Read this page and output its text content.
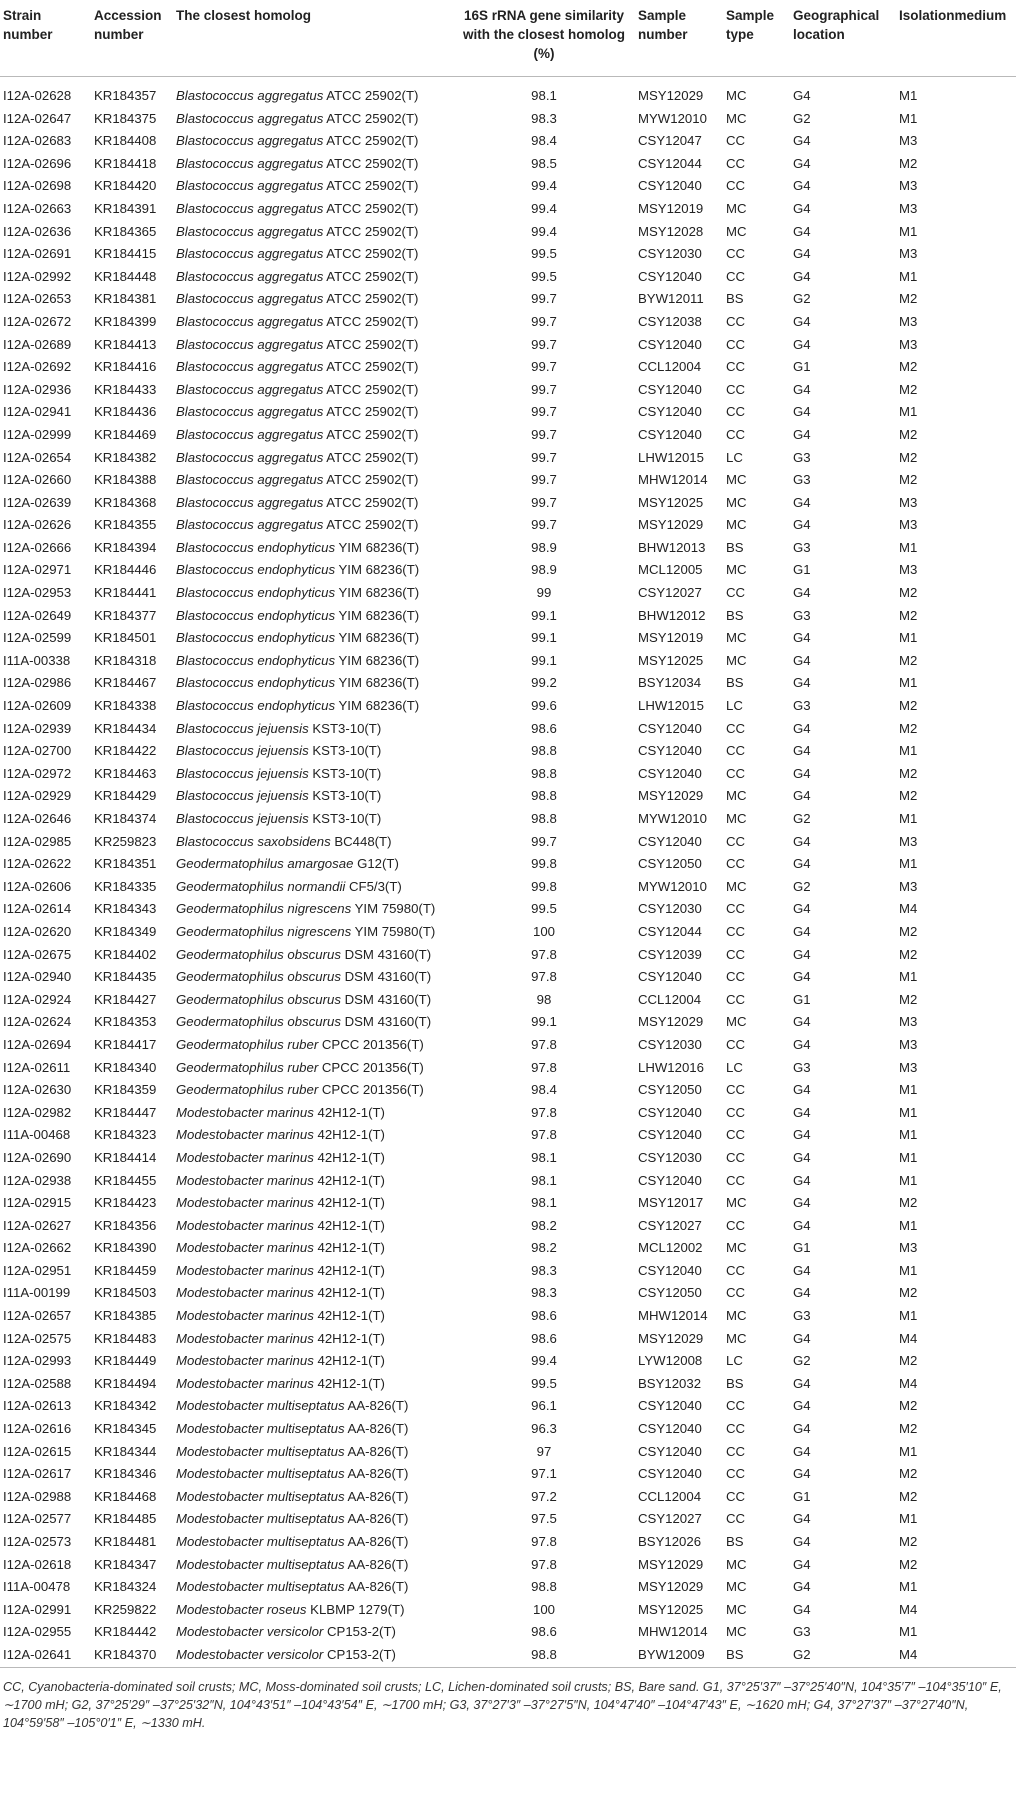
Strain number	Accession number	The closest homolog	16S rRNA gene similarity with the closest homolog (%)	Sample number	Sample type	Geographical location	Isolationmedium

I12A-02628	KR184357	Blastococcus aggregatus ATCC 25902(T)	98.1	MSY12029	MC	G4	M1
I12A-02647	KR184375	Blastococcus aggregatus ATCC 25902(T)	98.3	MYW12010	MC	G2	M1
I12A-02683	KR184408	Blastococcus aggregatus ATCC 25902(T)	98.4	CSY12047	CC	G4	M3
I12A-02696	KR184418	Blastococcus aggregatus ATCC 25902(T)	98.5	CSY12044	CC	G4	M2
I12A-02698	KR184420	Blastococcus aggregatus ATCC 25902(T)	99.4	CSY12040	CC	G4	M3
I12A-02663	KR184391	Blastococcus aggregatus ATCC 25902(T)	99.4	MSY12019	MC	G4	M3
I12A-02636	KR184365	Blastococcus aggregatus ATCC 25902(T)	99.4	MSY12028	MC	G4	M1
I12A-02691	KR184415	Blastococcus aggregatus ATCC 25902(T)	99.5	CSY12030	CC	G4	M3
I12A-02992	KR184448	Blastococcus aggregatus ATCC 25902(T)	99.5	CSY12040	CC	G4	M1
I12A-02653	KR184381	Blastococcus aggregatus ATCC 25902(T)	99.7	BYW12011	BS	G2	M2
I12A-02672	KR184399	Blastococcus aggregatus ATCC 25902(T)	99.7	CSY12038	CC	G4	M3
I12A-02689	KR184413	Blastococcus aggregatus ATCC 25902(T)	99.7	CSY12040	CC	G4	M3
I12A-02692	KR184416	Blastococcus aggregatus ATCC 25902(T)	99.7	CCL12004	CC	G1	M2
I12A-02936	KR184433	Blastococcus aggregatus ATCC 25902(T)	99.7	CSY12040	CC	G4	M2
I12A-02941	KR184436	Blastococcus aggregatus ATCC 25902(T)	99.7	CSY12040	CC	G4	M1
I12A-02999	KR184469	Blastococcus aggregatus ATCC 25902(T)	99.7	CSY12040	CC	G4	M2
I12A-02654	KR184382	Blastococcus aggregatus ATCC 25902(T)	99.7	LHW12015	LC	G3	M2
I12A-02660	KR184388	Blastococcus aggregatus ATCC 25902(T)	99.7	MHW12014	MC	G3	M2
I12A-02639	KR184368	Blastococcus aggregatus ATCC 25902(T)	99.7	MSY12025	MC	G4	M3
I12A-02626	KR184355	Blastococcus aggregatus ATCC 25902(T)	99.7	MSY12029	MC	G4	M3
I12A-02666	KR184394	Blastococcus endophyticus YIM 68236(T)	98.9	BHW12013	BS	G3	M1
I12A-02971	KR184446	Blastococcus endophyticus YIM 68236(T)	98.9	MCL12005	MC	G1	M3
I12A-02953	KR184441	Blastococcus endophyticus YIM 68236(T)	99	CSY12027	CC	G4	M2
I12A-02649	KR184377	Blastococcus endophyticus YIM 68236(T)	99.1	BHW12012	BS	G3	M2
I12A-02599	KR184501	Blastococcus endophyticus YIM 68236(T)	99.1	MSY12019	MC	G4	M1
I11A-00338	KR184318	Blastococcus endophyticus YIM 68236(T)	99.1	MSY12025	MC	G4	M2
I12A-02986	KR184467	Blastococcus endophyticus YIM 68236(T)	99.2	BSY12034	BS	G4	M1
I12A-02609	KR184338	Blastococcus endophyticus YIM 68236(T)	99.6	LHW12015	LC	G3	M2
I12A-02939	KR184434	Blastococcus jejuensis KST3-10(T)	98.6	CSY12040	CC	G4	M2
I12A-02700	KR184422	Blastococcus jejuensis KST3-10(T)	98.8	CSY12040	CC	G4	M1
I12A-02972	KR184463	Blastococcus jejuensis KST3-10(T)	98.8	CSY12040	CC	G4	M2
I12A-02929	KR184429	Blastococcus jejuensis KST3-10(T)	98.8	MSY12029	MC	G4	M2
I12A-02646	KR184374	Blastococcus jejuensis KST3-10(T)	98.8	MYW12010	MC	G2	M1
I12A-02985	KR259823	Blastococcus saxobsidens BC448(T)	99.7	CSY12040	CC	G4	M3
I12A-02622	KR184351	Geodermatophilus amargosae G12(T)	99.8	CSY12050	CC	G4	M1
I12A-02606	KR184335	Geodermatophilus normandii CF5/3(T)	99.8	MYW12010	MC	G2	M3
I12A-02614	KR184343	Geodermatophilus nigrescens YIM 75980(T)	99.5	CSY12030	CC	G4	M4
I12A-02620	KR184349	Geodermatophilus nigrescens YIM 75980(T)	100	CSY12044	CC	G4	M2
I12A-02675	KR184402	Geodermatophilus obscurus DSM 43160(T)	97.8	CSY12039	CC	G4	M2
I12A-02940	KR184435	Geodermatophilus obscurus DSM 43160(T)	97.8	CSY12040	CC	G4	M1
I12A-02924	KR184427	Geodermatophilus obscurus DSM 43160(T)	98	CCL12004	CC	G1	M2
I12A-02624	KR184353	Geodermatophilus obscurus DSM 43160(T)	99.1	MSY12029	MC	G4	M3
I12A-02694	KR184417	Geodermatophilus ruber CPCC 201356(T)	97.8	CSY12030	CC	G4	M3
I12A-02611	KR184340	Geodermatophilus ruber CPCC 201356(T)	97.8	LHW12016	LC	G3	M3
I12A-02630	KR184359	Geodermatophilus ruber CPCC 201356(T)	98.4	CSY12050	CC	G4	M1
I12A-02982	KR184447	Modestobacter marinus 42H12-1(T)	97.8	CSY12040	CC	G4	M1
I11A-00468	KR184323	Modestobacter marinus 42H12-1(T)	97.8	CSY12040	CC	G4	M1
I12A-02690	KR184414	Modestobacter marinus 42H12-1(T)	98.1	CSY12030	CC	G4	M1
I12A-02938	KR184455	Modestobacter marinus 42H12-1(T)	98.1	CSY12040	CC	G4	M1
I12A-02915	KR184423	Modestobacter marinus 42H12-1(T)	98.1	MSY12017	MC	G4	M2
I12A-02627	KR184356	Modestobacter marinus 42H12-1(T)	98.2	CSY12027	CC	G4	M1
I12A-02662	KR184390	Modestobacter marinus 42H12-1(T)	98.2	MCL12002	MC	G1	M3
I12A-02951	KR184459	Modestobacter marinus 42H12-1(T)	98.3	CSY12040	CC	G4	M1
I11A-00199	KR184503	Modestobacter marinus 42H12-1(T)	98.3	CSY12050	CC	G4	M2
I12A-02657	KR184385	Modestobacter marinus 42H12-1(T)	98.6	MHW12014	MC	G3	M1
I12A-02575	KR184483	Modestobacter marinus 42H12-1(T)	98.6	MSY12029	MC	G4	M4
I12A-02993	KR184449	Modestobacter marinus 42H12-1(T)	99.4	LYW12008	LC	G2	M2
I12A-02588	KR184494	Modestobacter marinus 42H12-1(T)	99.5	BSY12032	BS	G4	M4
I12A-02613	KR184342	Modestobacter multiseptatus AA-826(T)	96.1	CSY12040	CC	G4	M2
I12A-02616	KR184345	Modestobacter multiseptatus AA-826(T)	96.3	CSY12040	CC	G4	M2
I12A-02615	KR184344	Modestobacter multiseptatus AA-826(T)	97	CSY12040	CC	G4	M1
I12A-02617	KR184346	Modestobacter multiseptatus AA-826(T)	97.1	CSY12040	CC	G4	M2
I12A-02988	KR184468	Modestobacter multiseptatus AA-826(T)	97.2	CCL12004	CC	G1	M2
I12A-02577	KR184485	Modestobacter multiseptatus AA-826(T)	97.5	CSY12027	CC	G4	M1
I12A-02573	KR184481	Modestobacter multiseptatus AA-826(T)	97.8	BSY12026	BS	G4	M2
I12A-02618	KR184347	Modestobacter multiseptatus AA-826(T)	97.8	MSY12029	MC	G4	M2
I11A-00478	KR184324	Modestobacter multiseptatus AA-826(T)	98.8	MSY12029	MC	G4	M1
I12A-02991	KR259822	Modestobacter roseus KLBMP 1279(T)	100	MSY12025	MC	G4	M4
I12A-02955	KR184442	Modestobacter versicolor CP153-2(T)	98.6	MHW12014	MC	G3	M1
I12A-02641	KR184370	Modestobacter versicolor CP153-2(T)	98.8	BYW12009	BS	G2	M4
CC, Cyanobacteria-dominated soil crusts; MC, Moss-dominated soil crusts; LC, Lichen-dominated soil crusts; BS, Bare sand. G1, 37°25′37″ –37°25′40″N, 104°35′7″ –104°35′10″ E, ∼1700 mH; G2, 37°25′29″ –37°25′32″N, 104°43′51″ –104°43′54″ E, ∼1700 mH; G3, 37°27′3″ –37°27′5″N, 104°47′40″ –104°47′43″ E, ∼1620 mH; G4, 37°27′37″ –37°27′40″N, 104°59′58″ –105°0′1″ E, ∼1330 mH.
